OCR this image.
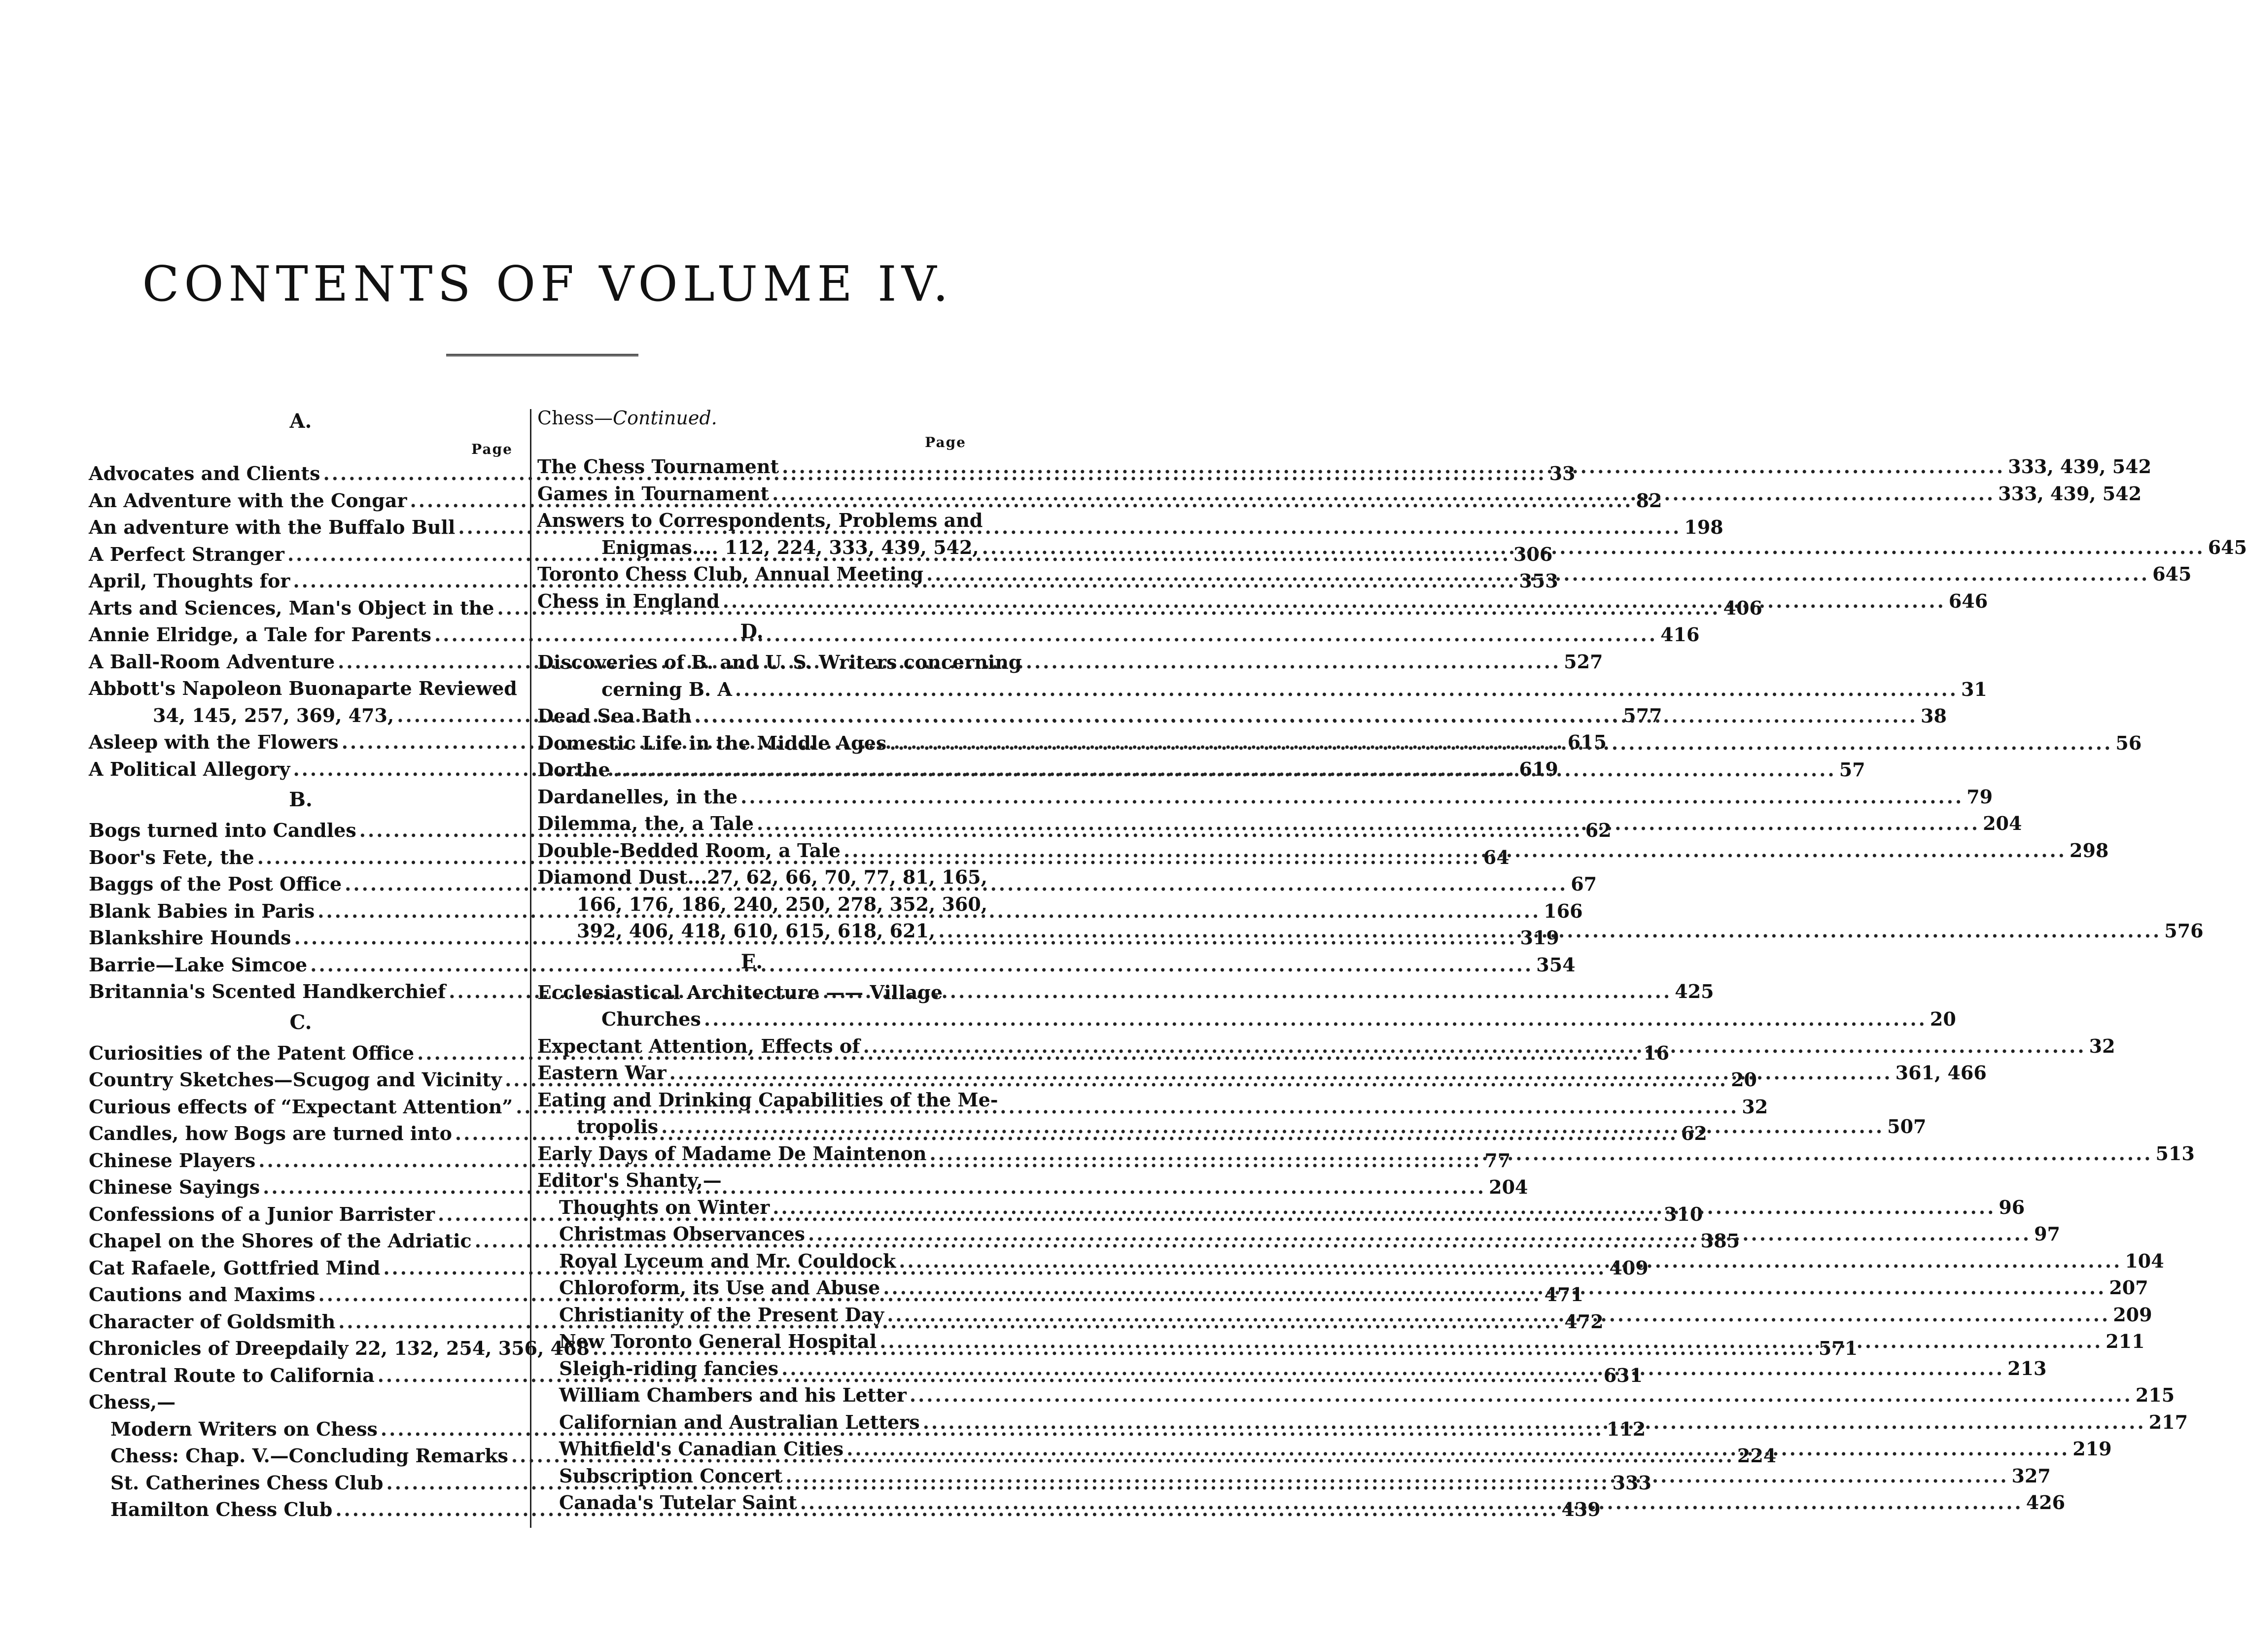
CONTENTS OF VOLUME IV.
A.
Page
Advocates and Clients .....	33
An Adventure with the Congar .....	82
An adventure with the Buffalo Bull .....	198
A Perfect Stranger .....	306
April, Thoughts for .....	353
Arts and Sciences, Man's Object in the .....	406
Annie Elridge, a Tale for Parents .....	416
A Ball-Room Adventure .....	527
Abbott's Napoleon Buonaparte Reviewed
34, 145, 257, 369, 473, .....	577
Asleep with the Flowers .....	615
A Political Allegory .....	619
B.
Bogs turned into Candles .....	62
Boor's Fete, the .....	64
Baggs of the Post Office .....	67
Blank Babies in Paris .....	166
Blankshire Hounds .....	319
Barrie—Lake Simcoe .....	354
Britannia's Scented Handkerchief .....	425
C.
Curiosities of the Patent Office .....	16
Country Sketches—Scugog and Vicinity .....	20
Curious effects of “Expectant Attention” .....	32
Candles, how Bogs are turned into .....	62
Chinese Players .....	77
Chinese Sayings .....	204
Confessions of a Junior Barrister .....	310
Chapel on the Shores of the Adriatic .....	385
Cat Rafaele, Gottfried Mind .....	409
Cautions and Maxims .....	471
Character of Goldsmith .....	472
Chronicles of Dreepdaily 22, 132, 254, 356, 468 .....	571
Central Route to California .....	631
Chess,—
Modern Writers on Chess .....	112
Chess: Chap. V.—Concluding Remarks .....	224
St. Catherines Chess Club .....	333
Hamilton Chess Club .....	439
Chess—Continued.
Page
The Chess Tournament .....	333, 439, 542
Games in Tournament .....	333, 439, 542
Answers to Correspondents, Problems and
Enigmas.... 112, 224, 333, 439, 542, .....	645
Toronto Chess Club, Annual Meeting .....	645
Chess in England .....	646
D.
Discoveries of B. and U. S. Writers concerning
cerning B. A .....	31
Dead Sea Bath .....	38
Domestic Life in the Middle Ages .....	56
Dorthe .....	57
Dardanelles, in the .....	79
Dilemma, the, a Tale .....	204
Double-Bedded Room, a Tale .....	298
Diamond Dust...27, 62, 66, 70, 77, 81, 165,
166, 176, 186, 240, 250, 278, 352, 360,
392, 406, 418, 610, 615, 618, 621, .....	576
E.
Ecclesiastical Architecture —— Village
Churches .....	20
Expectant Attention, Effects of .....	32
Eastern War .....	361, 466
Eating and Drinking Capabilities of the Me-
tropolis .....	507
Early Days of Madame De Maintenon .....	513
Editor's Shanty,—
Thoughts on Winter .....	96
Christmas Observances .....	97
Royal Lyceum and Mr. Couldock .....	104
Chloroform, its Use and Abuse .....	207
Christianity of the Present Day .....	209
New Toronto General Hospital .....	211
Sleigh-riding fancies .....	213
William Chambers and his Letter .....	215
Californian and Australian Letters .....	217
Whitfield's Canadian Cities .....	219
Subscription Concert .....	327
Canada's Tutelar Saint .....	426
